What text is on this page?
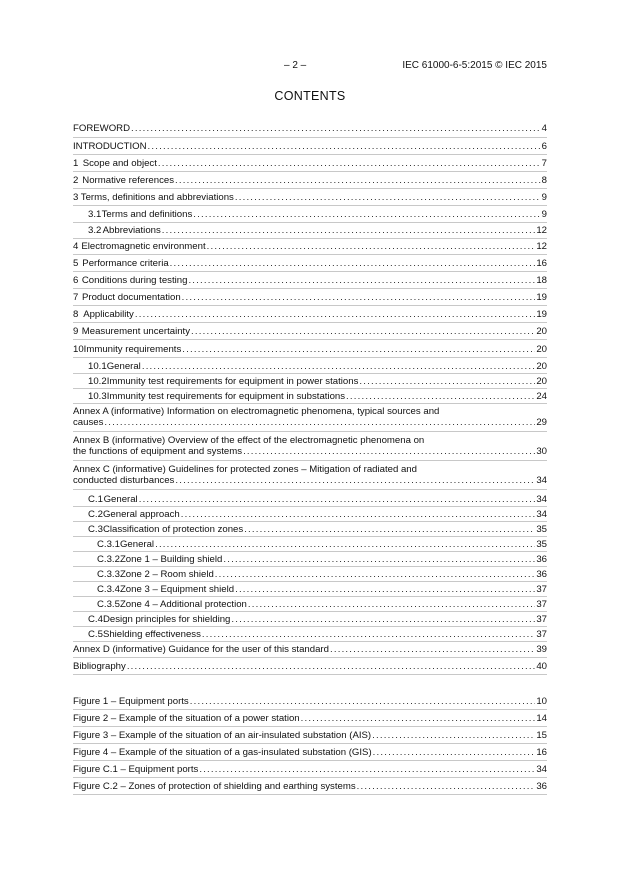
– 2 –	IEC 61000-6-5:2015 © IEC 2015
CONTENTS
FOREWORD .....	4
INTRODUCTION .....	6
1 Scope and object .....	7
2 Normative references .....	8
3 Terms, definitions and abbreviations .....	9
3.1 Terms and definitions .....	9
3.2 Abbreviations .....	12
4 Electromagnetic environment .....	12
5 Performance criteria .....	16
6 Conditions during testing .....	18
7 Product documentation .....	19
8 Applicability .....	19
9 Measurement uncertainty .....	20
10 Immunity requirements .....	20
10.1 General .....	20
10.2 Immunity test requirements for equipment in power stations .....	20
10.3 Immunity test requirements for equipment in substations .....	24
Annex A (informative) Information on electromagnetic phenomena, typical sources and
causes .....	29
Annex B (informative) Overview of the effect of the electromagnetic phenomena on
the functions of equipment and systems .....	30
Annex C (informative) Guidelines for protected zones – Mitigation of radiated and
conducted disturbances .....	34
C.1 General .....	34
C.2 General approach .....	34
C.3 Classification of protection zones .....	35
C.3.1 General .....	35
C.3.2 Zone 1 – Building shield .....	36
C.3.3 Zone 2 – Room shield .....	36
C.3.4 Zone 3 – Equipment shield .....	37
C.3.5 Zone 4 – Additional protection .....	37
C.4 Design principles for shielding .....	37
C.5 Shielding effectiveness .....	37
Annex D (informative) Guidance for the user of this standard .....	39
Bibliography .....	40
Figure 1 – Equipment ports .....	10
Figure 2 – Example of the situation of a power station .....	14
Figure 3 – Example of the situation of an air-insulated substation (AIS) .....	15
Figure 4 – Example of the situation of a gas-insulated substation (GIS) .....	16
Figure C.1 – Equipment ports .....	34
Figure C.2 – Zones of protection of shielding and earthing systems .....	36
